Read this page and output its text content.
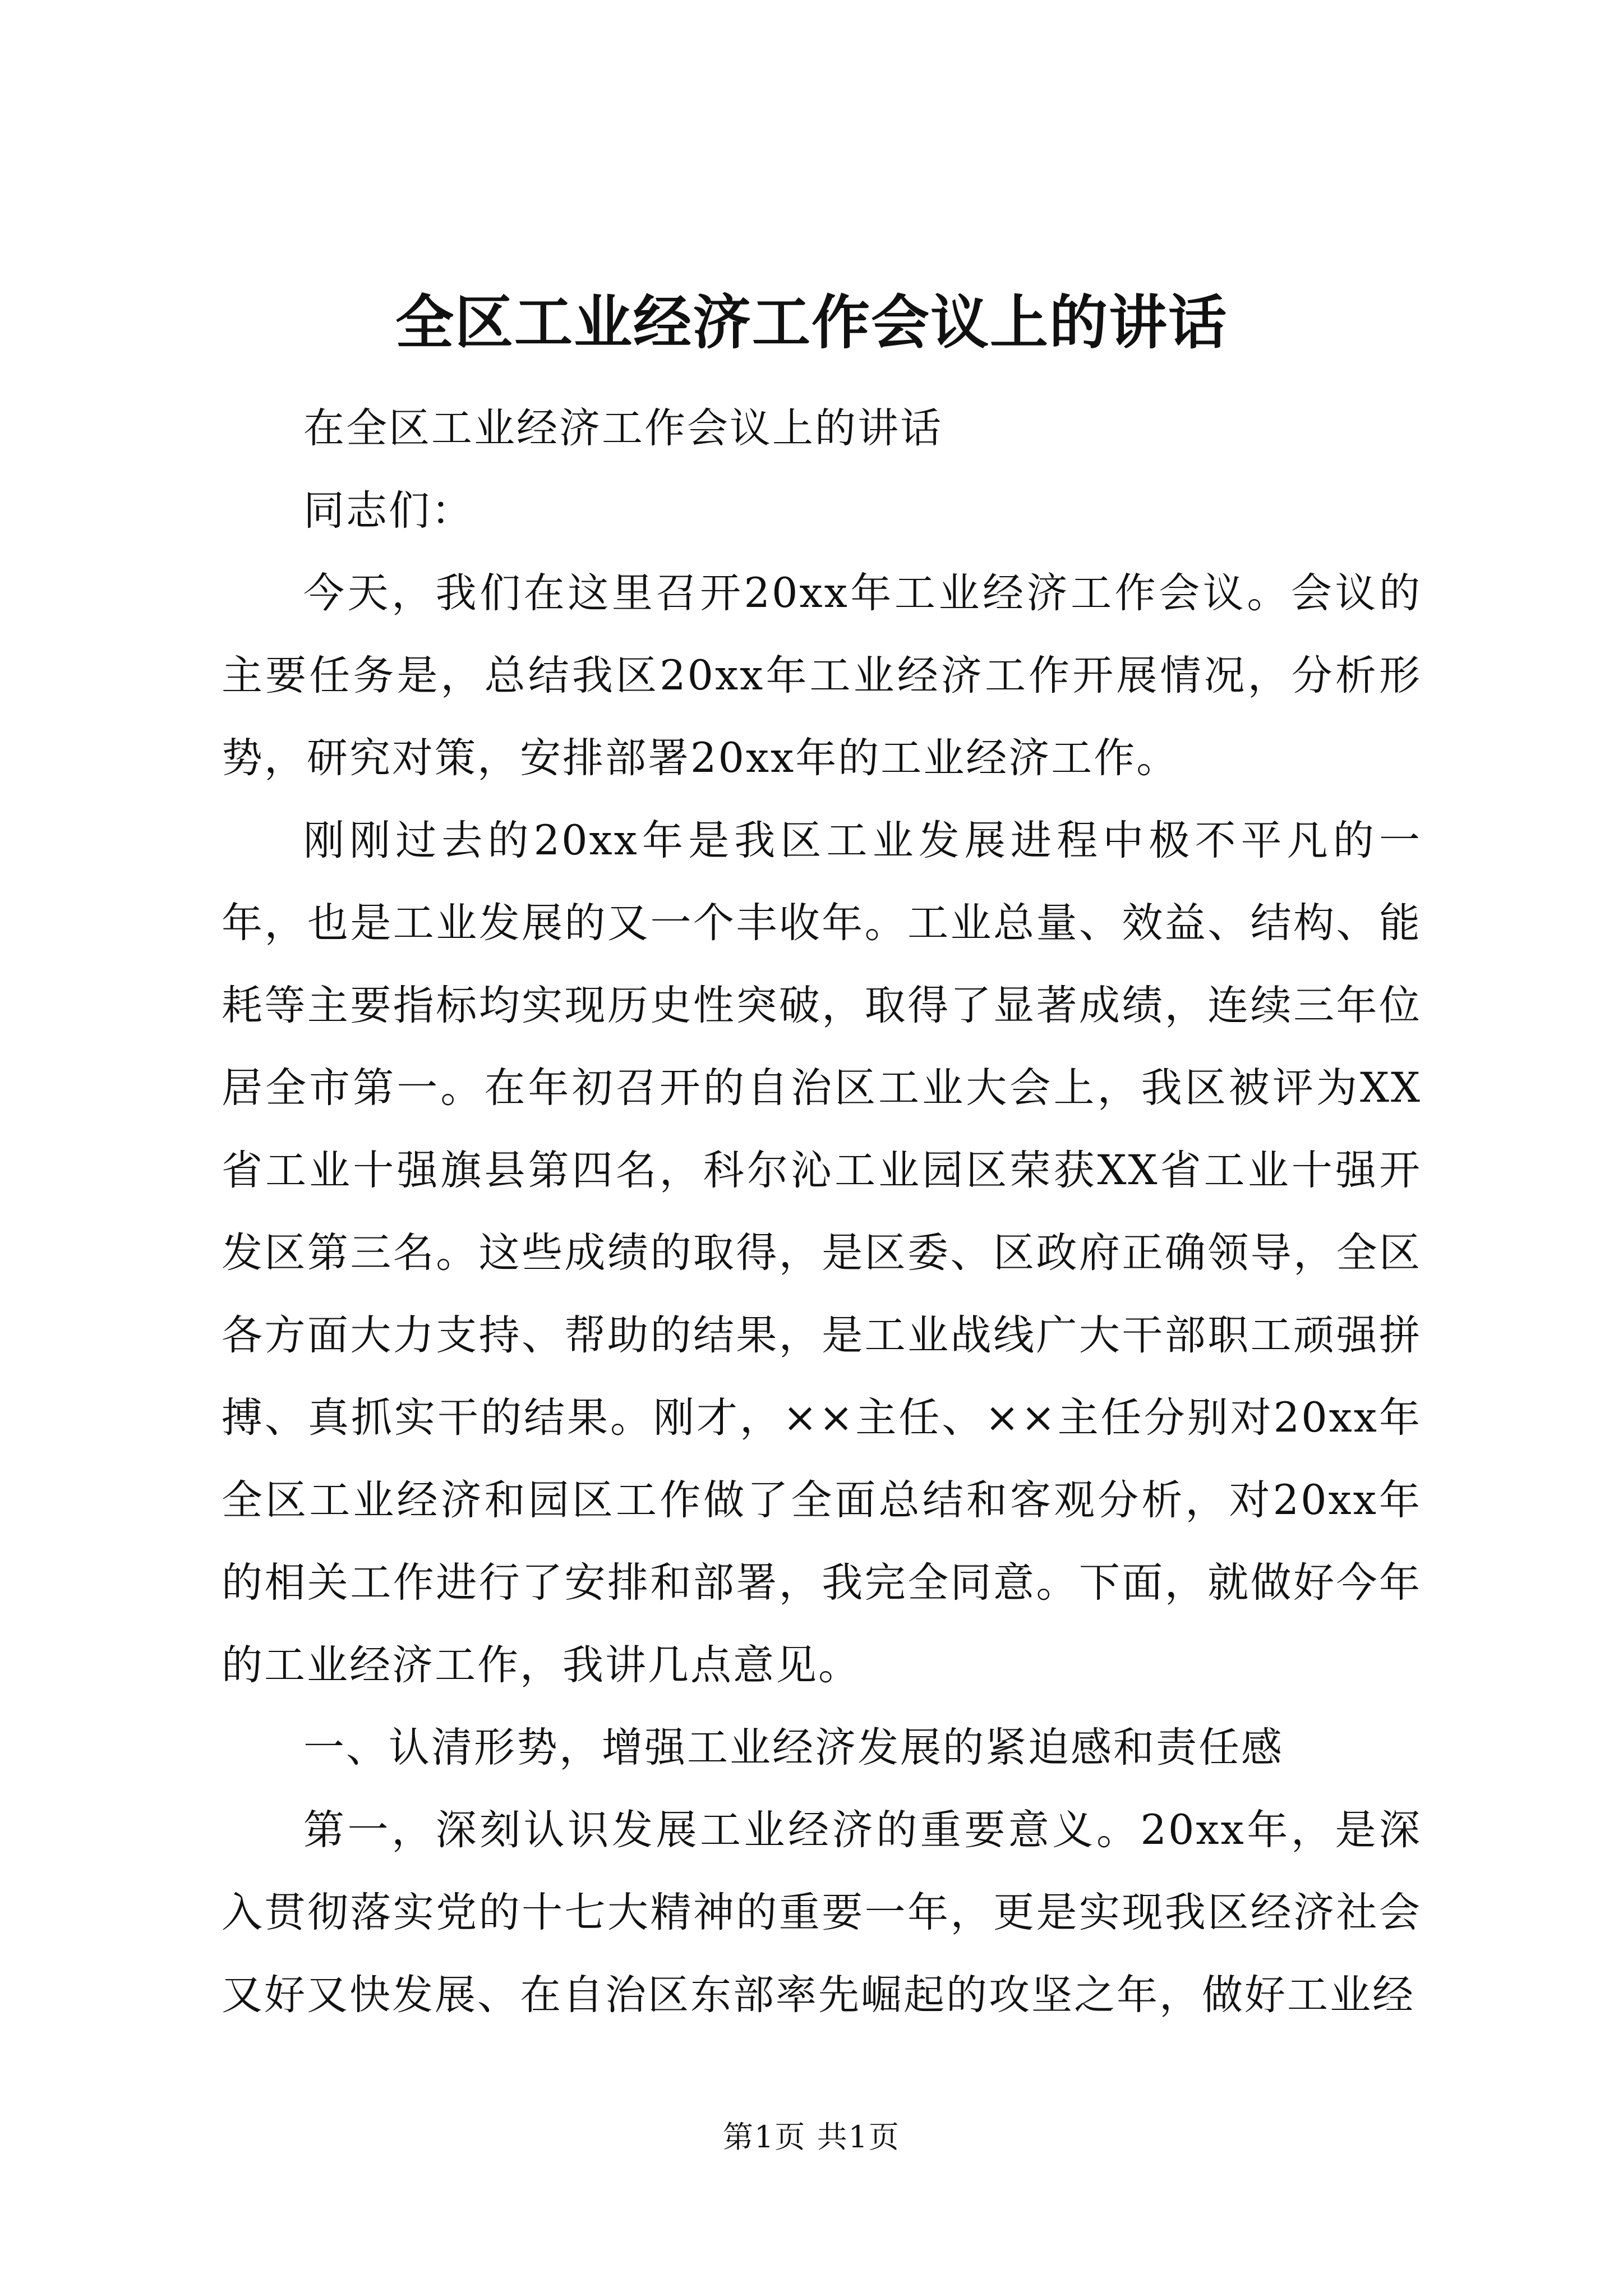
全区工业经济工作会议上的讲话

在全区工业经济工作会议上的讲话

同志们：

今天，我们在这里召开20xx年工业经济工作会议。会议的主要任务是，总结我区20xx年工业经济工作开展情况，分析形势，研究对策，安排部署20xx年的工业经济工作。

刚刚过去的20xx年是我区工业发展进程中极不平凡的一年，也是工业发展的又一个丰收年。工业总量、效益、结构、能耗等主要指标均实现历史性突破，取得了显著成绩，连续三年位居全市第一。在年初召开的自治区工业大会上，我区被评为XX省工业十强旗县第四名，科尔沁工业园区荣获XX省工业十强开发区第三名。这些成绩的取得，是区委、区政府正确领导，全区各方面大力支持、帮助的结果，是工业战线广大干部职工顽强拼搏、真抓实干的结果。刚才，××主任、××主任分别对20xx年全区工业经济和园区工作做了全面总结和客观分析，对20xx年的相关工作进行了安排和部署，我完全同意。下面，就做好今年的工业经济工作，我讲几点意见。

一、认清形势，增强工业经济发展的紧迫感和责任感

第一，深刻认识发展工业经济的重要意义。20xx年，是深入贯彻落实党的十七大精神的重要一年，更是实现我区经济社会又好又快发展、在自治区东部率先崛起的攻坚之年，做好工业经

第1页 共1页
